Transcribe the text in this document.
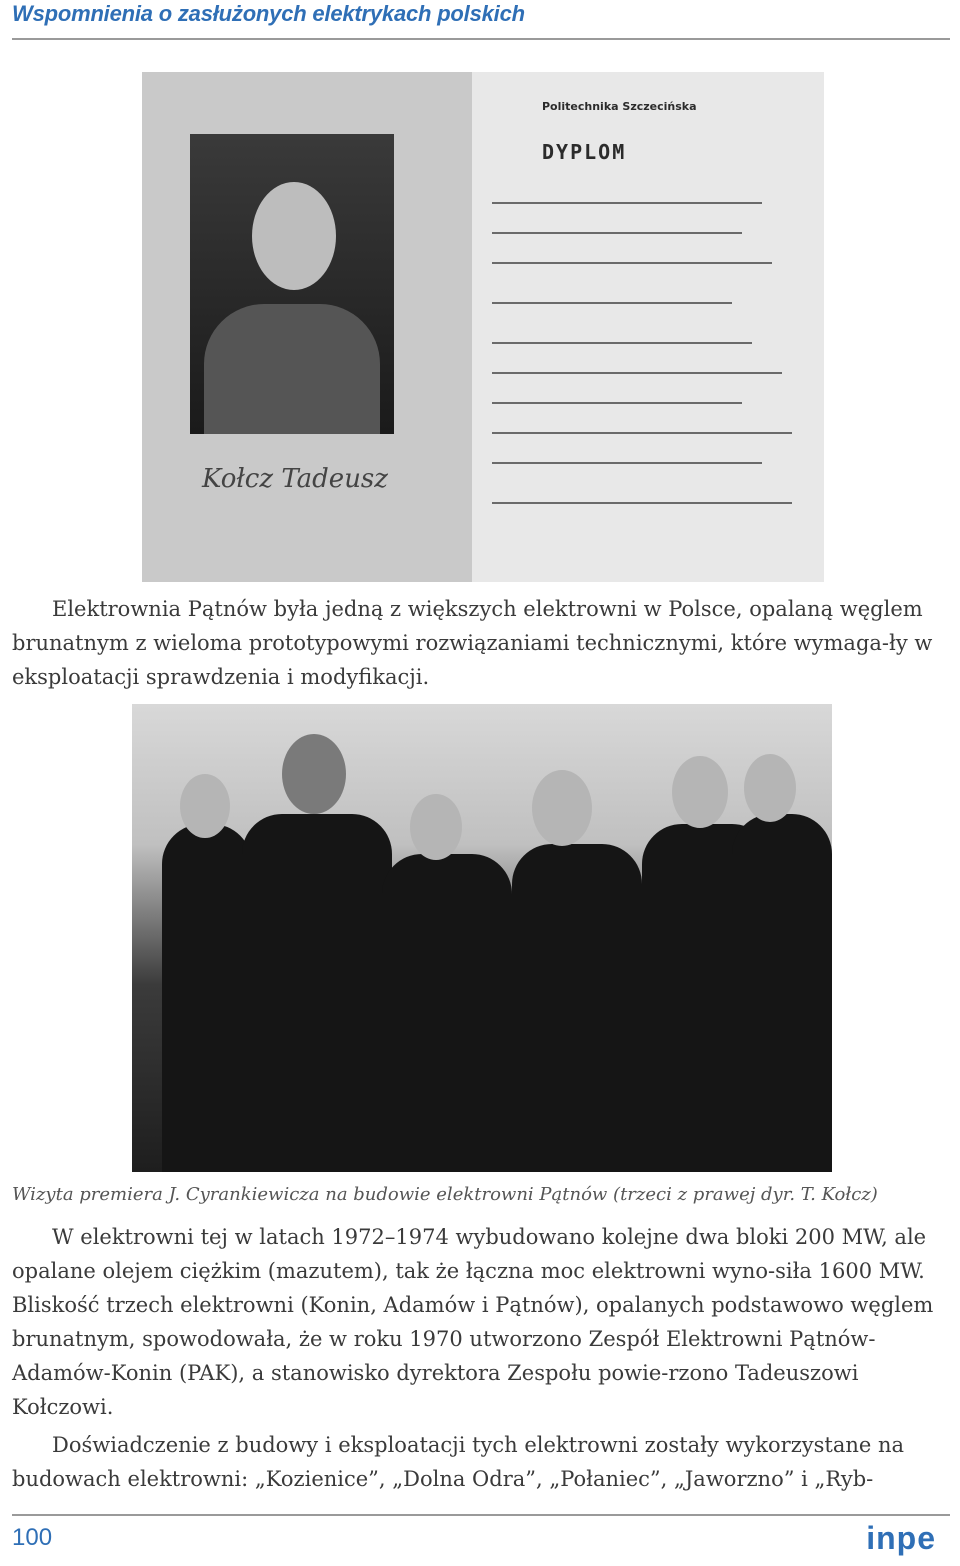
Wspomnienia o zasłużonych elektrykach polskich
Kołcz Tadeusz
Politechnika Szczecińska
DYPLOM

Elektrownia Pątnów była jedną z większych elektrowni w Polsce, opalaną węglem brunatnym z wieloma prototypowymi rozwiązaniami technicznymi, które wymaga-ły w eksploatacji sprawdzenia i modyfikacji.

Wizyta premiera J. Cyrankiewicza na budowie elektrowni Pątnów (trzeci z prawej dyr. T. Kołcz)

W elektrowni tej w latach 1972–1974 wybudowano kolejne dwa bloki 200 MW, ale opalane olejem ciężkim (mazutem), tak że łączna moc elektrowni wyno-siła 1600 MW. Bliskość trzech elektrowni (Konin, Adamów i Pątnów), opalanych podstawowo węglem brunatnym, spowodowała, że w roku 1970 utworzono Zespół Elektrowni Pątnów-Adamów-Konin (PAK), a stanowisko dyrektora Zespołu powie-rzono Tadeuszowi Kołczowi.

Doświadczenie z budowy i eksploatacji tych elektrowni zostały wykorzystane na budowach elektrowni: „Kozienice”, „Dolna Odra”, „Połaniec”, „Jaworzno” i „Ryb-

100	inpe
